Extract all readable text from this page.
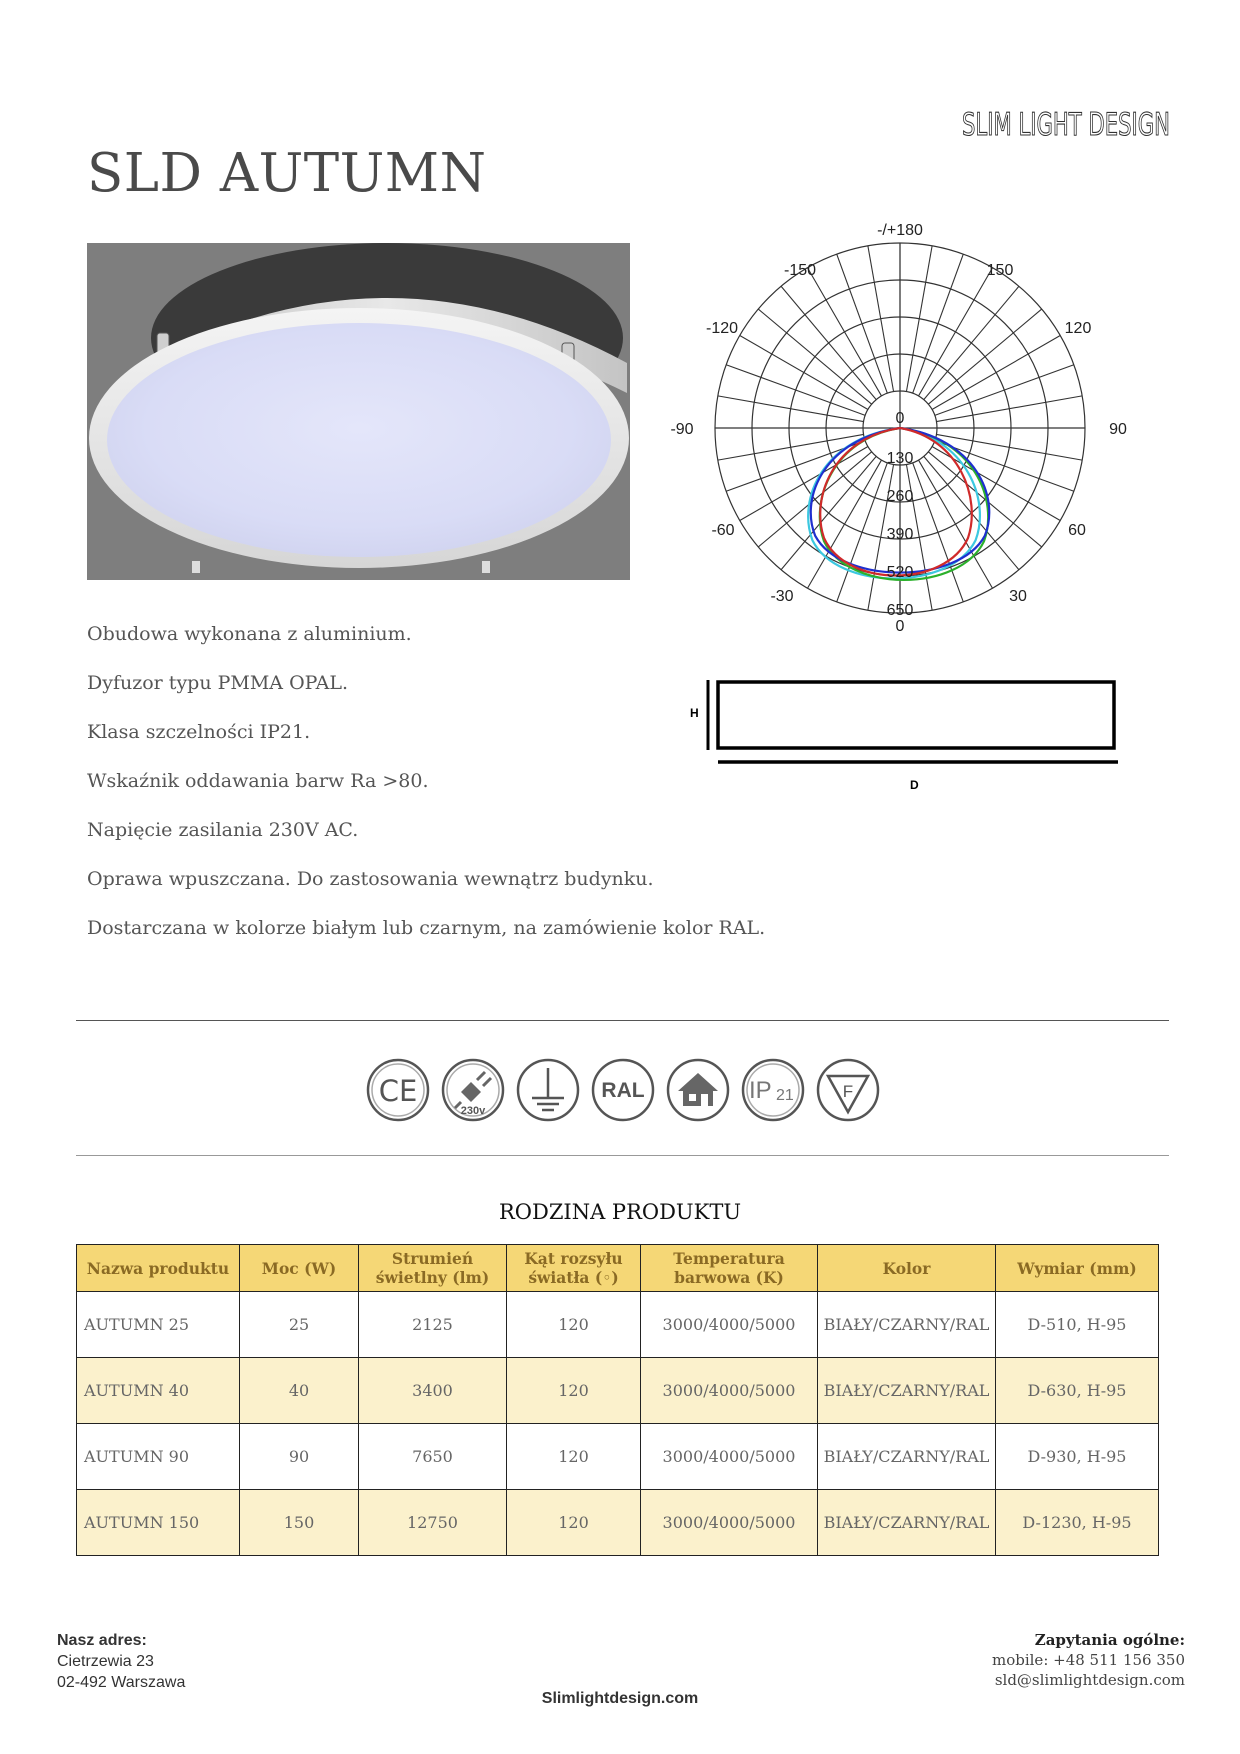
SLIM LIGHT DESIGN
SLD AUTUMN
-/+180
-150	150
-120	120
-90	90
-60	60
-30	30
0
0
130
260
390
520
650
H
D
Obudowa wykonana z aluminium.
Dyfuzor typu PMMA OPAL.
Klasa szczelności IP21.
Wskaźnik oddawania barw Ra >80.
Napięcie zasilania 230V AC.
Oprawa wpuszczana. Do zastosowania wewnątrz budynku.
Dostarczana w kolorze białym lub czarnym, na zamówienie kolor RAL.
CE
230v
RAL	IP 21	F
RODZINA PRODUKTU
Nazwa produktu	Moc (W)	Strumień świetlny (lm)	Kąt rozsyłu światła (◦)	Temperatura barwowa (K)	Kolor	Wymiar (mm)
AUTUMN 25	25	2125	120	3000/4000/5000	BIAŁY/CZARNY/RAL	D-510, H-95
AUTUMN 40	40	3400	120	3000/4000/5000	BIAŁY/CZARNY/RAL	D-630, H-95
AUTUMN 90	90	7650	120	3000/4000/5000	BIAŁY/CZARNY/RAL	D-930, H-95
AUTUMN 150	150	12750	120	3000/4000/5000	BIAŁY/CZARNY/RAL	D-1230, H-95
Nasz adres:
Cietrzewia 23
02-492 Warszawa
Zapytania ogólne:
mobile: +48 511 156 350
sld@slimlightdesign.com
Slimlightdesign.com
